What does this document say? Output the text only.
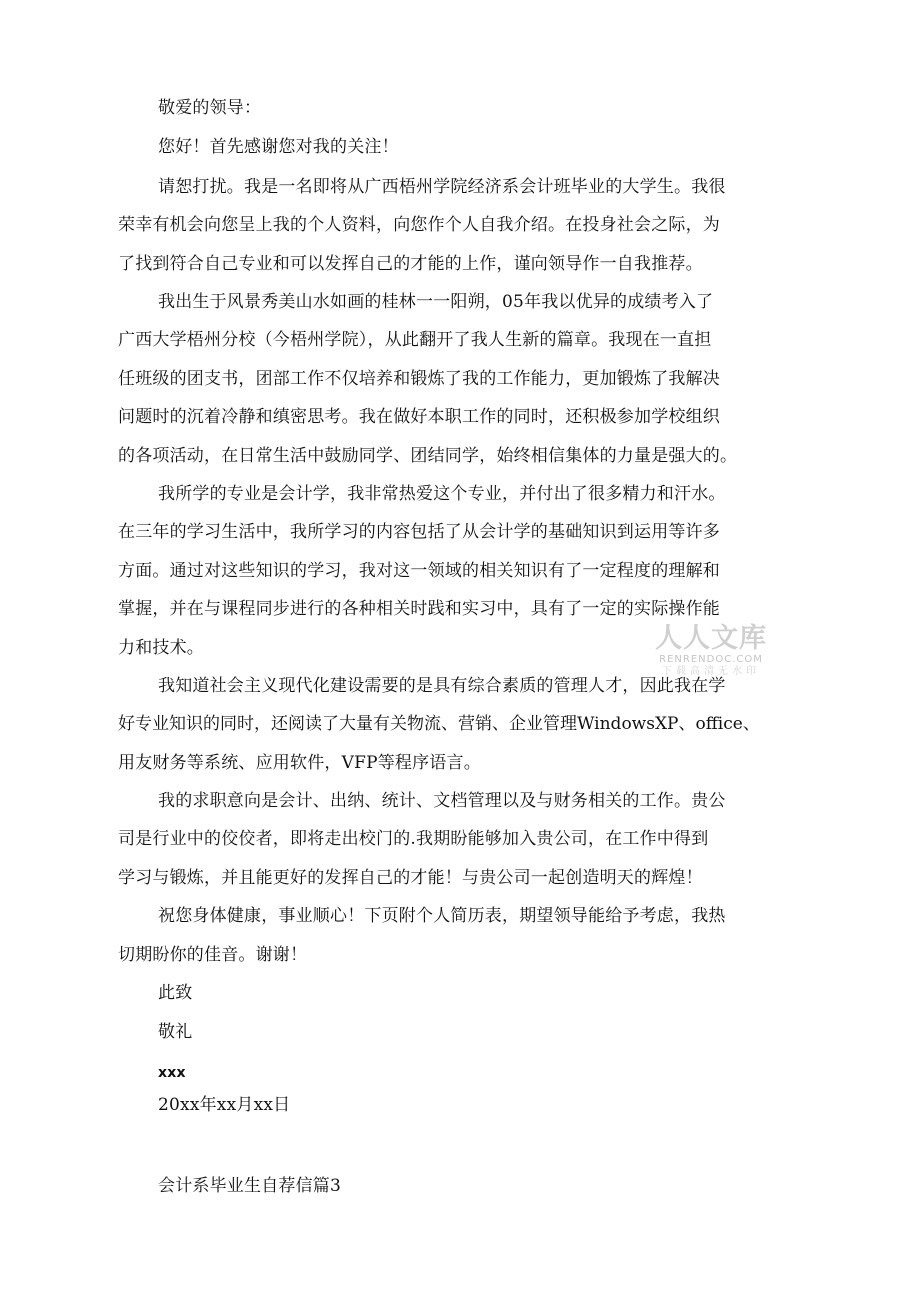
敬爱的领导：
您好！首先感谢您对我的关注！
请恕打扰。我是一名即将从广西梧州学院经济系会计班毕业的大学生。我很
荣幸有机会向您呈上我的个人资料，向您作个人自我介绍。在投身社会之际，为
了找到符合自己专业和可以发挥自己的才能的上作，谨向领导作一自我推荐。
我出生于风景秀美山水如画的桂林一一阳朔，05年我以优异的成绩考入了
广西大学梧州分校（今梧州学院），从此翻开了我人生新的篇章。我现在一直担
任班级的团支书，团部工作不仅培养和锻炼了我的工作能力，更加锻炼了我解决
问题时的沉着冷静和缜密思考。我在做好本职工作的同时，还积极参加学校组织
的各项活动，在日常生活中鼓励同学、团结同学，始终相信集体的力量是强大的。
我所学的专业是会计学，我非常热爱这个专业，并付出了很多精力和汗水。
在三年的学习生活中，我所学习的内容包括了从会计学的基础知识到运用等许多
方面。通过对这些知识的学习，我对这一领域的相关知识有了一定程度的理解和
掌握，并在与课程同步进行的各种相关时践和实习中，具有了一定的实际操作能
力和技术。
我知道社会主义现代化建设需要的是具有综合素质的管理人才，因此我在学
好专业知识的同时，还阅读了大量有关物流、营销、企业管理WindowsXP、office、
用友财务等系统、应用软件，VFP等程序语言。
我的求职意向是会计、出纳、统计、文档管理以及与财务相关的工作。贵公
司是行业中的佼佼者，即将走出校门的.我期盼能够加入贵公司，在工作中得到
学习与锻炼，并且能更好的发挥自己的才能！与贵公司一起创造明天的辉煌！
祝您身体健康，事业顺心！下页附个人简历表，期望领导能给予考虑，我热
切期盼你的佳音。谢谢！
此致
敬礼
xxx
20xx年xx月xx日
会计系毕业生自荐信篇3
人人文库
RENRENDOC.COM
下载高清无水印
